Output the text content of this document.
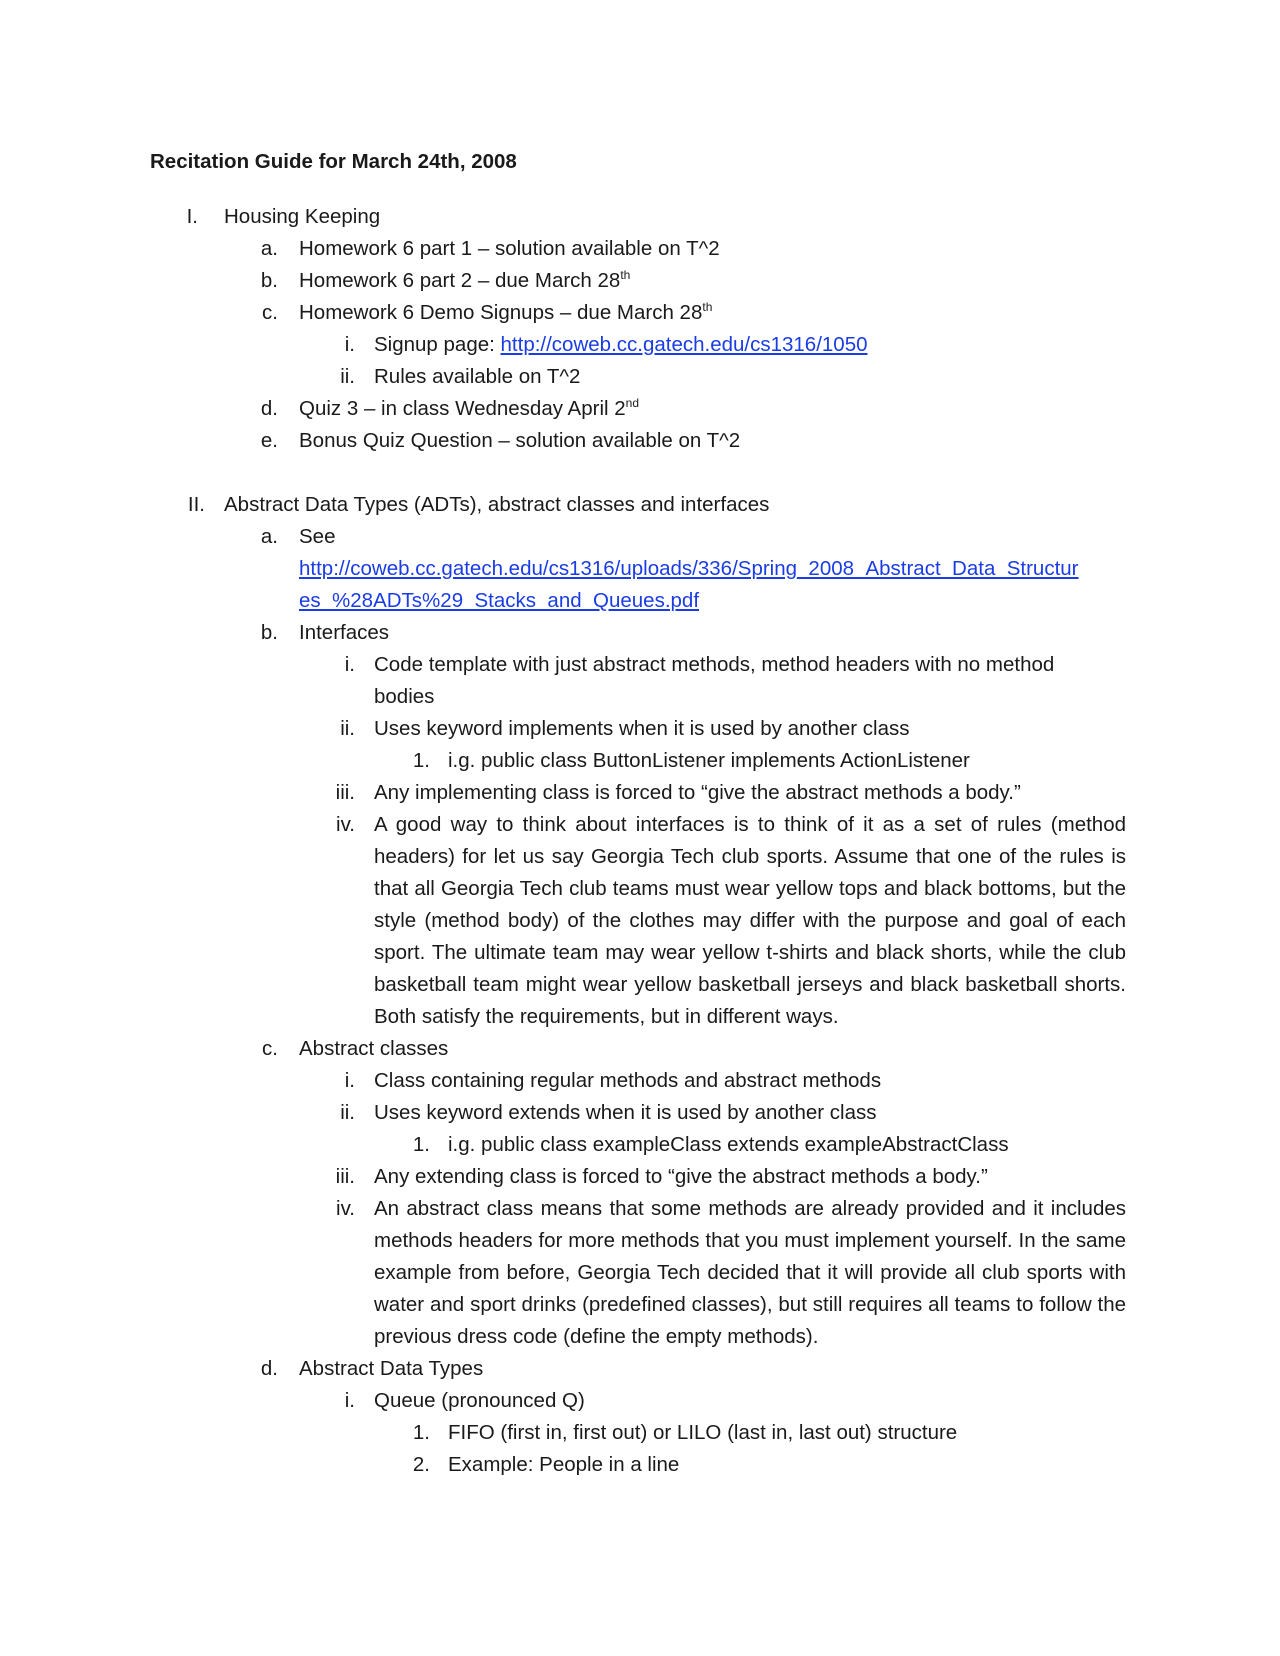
Recitation Guide for March 24th, 2008
I. Housing Keeping
a. Homework 6 part 1 – solution available on T^2
b. Homework 6 part 2 – due March 28th
c. Homework 6 Demo Signups – due March 28th
i. Signup page: http://coweb.cc.gatech.edu/cs1316/1050
ii. Rules available on T^2
d. Quiz 3 – in class Wednesday April 2nd
e. Bonus Quiz Question – solution available on T^2
II. Abstract Data Types (ADTs), abstract classes and interfaces
a. See
http://coweb.cc.gatech.edu/cs1316/uploads/336/Spring_2008_Abstract_Data_Structur
es_%28ADTs%29_Stacks_and_Queues.pdf
b. Interfaces
i. Code template with just abstract methods, method headers with no method
bodies
ii. Uses keyword implements when it is used by another class
1. i.g. public class ButtonListener implements ActionListener
iii. Any implementing class is forced to “give the abstract methods a body.”
iv. A good way to think about interfaces is to think of it as a set of rules (method headers) for let us say Georgia Tech club sports. Assume that one of the rules is that all Georgia Tech club teams must wear yellow tops and black bottoms, but the style (method body) of the clothes may differ with the purpose and goal of each sport. The ultimate team may wear yellow t-shirts and black shorts, while the club basketball team might wear yellow basketball jerseys and black basketball shorts. Both satisfy the requirements, but in different ways.
c. Abstract classes
i. Class containing regular methods and abstract methods
ii. Uses keyword extends when it is used by another class
1. i.g. public class exampleClass extends exampleAbstractClass
iii. Any extending class is forced to “give the abstract methods a body.”
iv. An abstract class means that some methods are already provided and it includes methods headers for more methods that you must implement yourself. In the same example from before, Georgia Tech decided that it will provide all club sports with water and sport drinks (predefined classes), but still requires all teams to follow the previous dress code (define the empty methods).
d. Abstract Data Types
i. Queue (pronounced Q)
1. FIFO (first in, first out) or LILO (last in, last out) structure
2. Example: People in a line
